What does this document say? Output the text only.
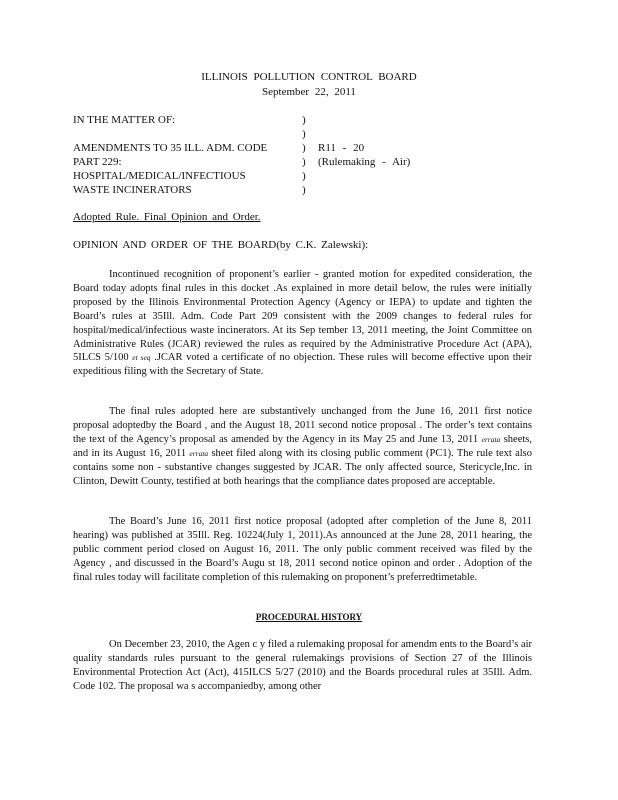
ILLINOIS POLLUTION CONTROL BOARD
September 22, 2011
IN THE MATTER OF:
AMENDMENTS TO 35 ILL. ADM. CODE
PART 229:
HOSPITAL/MEDICAL/INFECTIOUS
WASTE INCINERATORS
)
)
)
)
)
)
R11 - 20
(Rulemaking - Air)
Adopted Rule. Final Opinion and Order.
OPINION AND ORDER OF THE BOARD(by C.K. Zalewski):
Incontinued recognition of proponent’s earlier - granted motion for expedited consideration, the Board today adopts final rules in this docket .As explained in more detail below, the rules were initially proposed by the Illinois Environmental Protection Agency (Agency or IEPA) to update and tighten the Board’s rules at 35Ill. Adm. Code Part 209 consistent with the 2009 changes to federal rules for hospital/medical/infectious waste incinerators. At its Sep tember 13, 2011 meeting, the Joint Committee on Administrative Rules (JCAR) reviewed the rules as required by the Administrative Procedure Act (APA), 5ILCS 5/100 et seq .JCAR voted a certificate of no objection. These rules will become effective upon their expeditious filing with the Secretary of State.
The final rules adopted here are substantively unchanged from the June 16, 2011 first notice proposal adoptedby the Board , and the August 18, 2011 second notice proposal . The order’s text contains the text of the Agency’s proposal as amended by the Agency in its May 25 and June 13, 2011 errata sheets, and in its August 16, 2011 errata sheet filed along with its closing public comment (PC1). The rule text also contains some non - substantive changes suggested by JCAR. The only affected source, Stericycle,Inc. in Clinton, Dewitt County, testified at both hearings that the compliance dates proposed are acceptable.
The Board’s June 16, 2011 first notice proposal (adopted after completion of the June 8, 2011 hearing) was published at 35Ill. Reg. 10224(July 1, 2011).As announced at the June 28, 2011 hearing, the public comment period closed on August 16, 2011. The only public comment received was filed by the Agency , and discussed in the Board’s Augu st 18, 2011 second notice opinon and order . Adoption of the final rules today will facilitate completion of this rulemaking on proponent’s preferredtimetable.
PROCEDURAL HISTORY
On December 23, 2010, the Agen c y filed a rulemaking proposal for amendm ents to the Board’s air quality standards rules pursuant to the general rulemakings provisions of Section 27 of the Illinois Environmental Protection Act (Act), 415ILCS 5/27 (2010) and the Boards procedural rules at 35Ill. Adm. Code 102. The proposal wa s accompaniedby, among other
